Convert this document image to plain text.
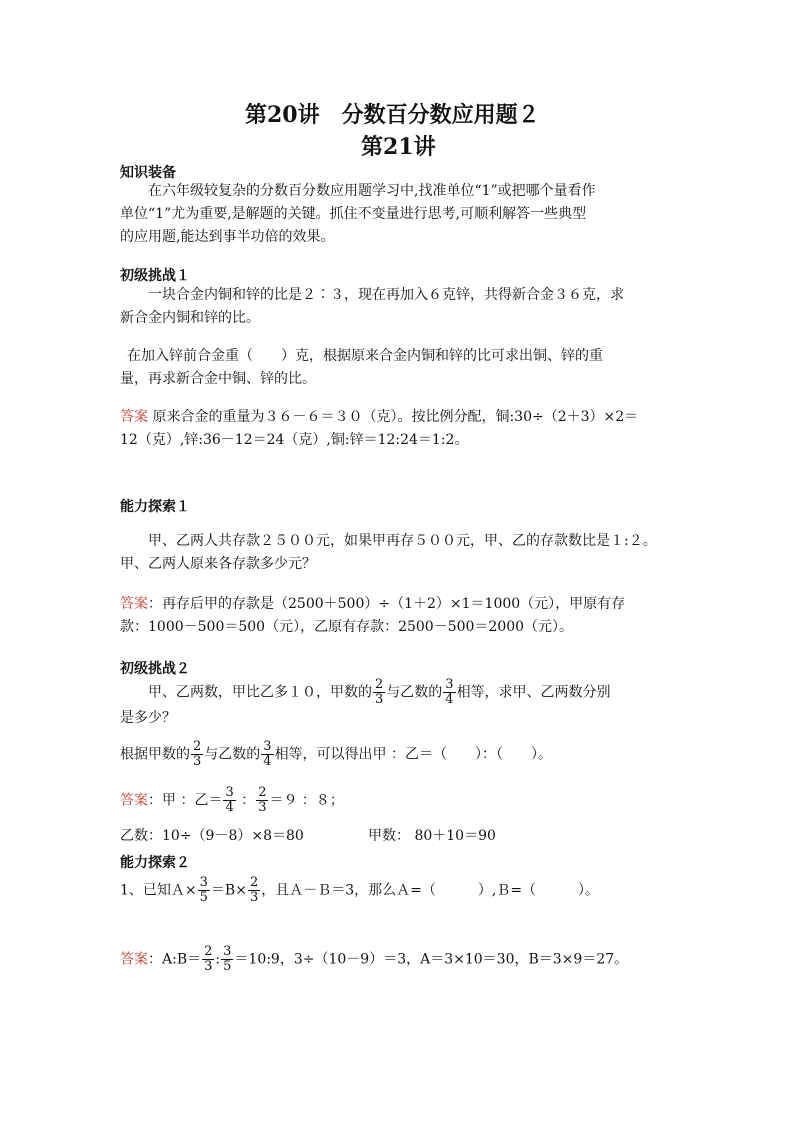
第20讲　分数百分数应用题２
第21讲
知识装备
在六年级较复杂的分数百分数应用题学习中,找准单位“1”或把哪个量看作
单位“1”尤为重要,是解题的关键。抓住不变量进行思考,可顺利解答一些典型
的应用题,能达到事半功倍的效果。
初级挑战１
一块合金内铜和锌的比是２∶３，现在再加入６克锌，共得新合金３６克，求
新合金内铜和锌的比。
在加入锌前合金重（　　）克，根据原来合金内铜和锌的比可求出铜、锌的重
量，再求新合金中铜、锌的比。
答案 原来合金的重量为３６－６＝３０（克）。按比例分配，铜:30÷（2＋3）×2＝
12（克）,锌:36－12＝24（克）,铜:锌＝12:24＝1:2。
能力探索１
甲、乙两人共存款２５００元，如果甲再存５００元，甲、乙的存款数比是１:２。
甲、乙两人原来各存款多少元？
答案：再存后甲的存款是（2500＋500）÷（1＋2）×1＝1000（元），甲原有存
款：1000－500＝500（元），乙原有存款：2500－500＝2000（元）。
初级挑战２
甲、乙两数，甲比乙多１０，甲数的 $\frac{2}{3}$ 与乙数的 $\frac{3}{4}$ 相等，求甲、乙两数分别
是多少？
根据甲数的 $\frac{2}{3}$ 与乙数的 $\frac{3}{4}$ 相等，可以得出甲 ：乙＝（　　）：（　　）。
答案：甲 ：乙＝ $\frac{3}{4}$ ： $\frac{2}{3} =9$ ：８；
乙数：10÷（9－8）×8＝80	甲数： 80＋10＝90
能力探索２
1、已知Ａ× $\frac{3}{5} =B\times \frac{2}{3}$ ，且Ａ－Ｂ＝3，那么Ａ=（　　　）,Ｂ=（　　　）。
答案：A:B＝ $\frac{2}{3}$ : $\frac{3}{5}$ ＝10:9，3÷（10－9）＝3，A＝3×10＝30，B＝3×9＝27。
